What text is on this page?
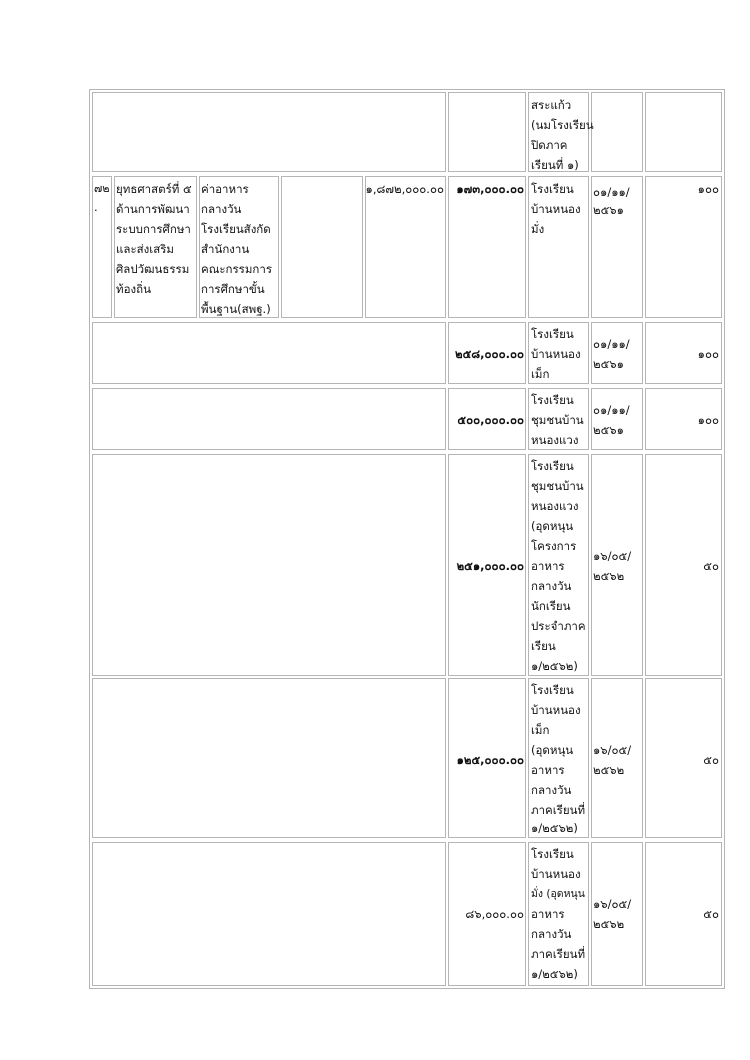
สระแก้ว
(นมโรงเรียน
ปิดภาค
เรียนที่ ๑)
๗๒
.
ยุทธศาสตร์ที่ ๕
ด้านการพัฒนา
ระบบการศึกษา
และส่งเสริม
ศิลปวัฒนธรรม
ท้องถิ่น
ค่าอาหาร
กลางวัน
โรงเรียนสังกัด
สำนักงาน
คณะกรรมการ
การศึกษาขั้น
พื้นฐาน(สพฐ.)
๑,๘๗๒,๐๐๐.๐๐	๑๗๓,๐๐๐.๐๐ โรงเรียน
บ้านหนอง
มั่ง
๐๑/๑๑/
๒๕๖๑
๑๐๐
๒๕๘,๐๐๐.๐๐
โรงเรียน
บ้านหนอง
เม็ก
๐๑/๑๑/
๒๕๖๑
๑๐๐
๕๐๐,๐๐๐.๐๐
โรงเรียน
ชุมชนบ้าน
หนองแวง
๐๑/๑๑/
๒๕๖๑
๑๐๐
๒๕๑,๐๐๐.๐๐
โรงเรียน
ชุมชนบ้าน
หนองแวง
(อุดหนุน
โครงการ
อาหาร
กลางวัน
นักเรียน
ประจำภาค
เรียน
๑/๒๕๖๒)
๑๖/๐๕/
๒๕๖๒
๕๐
๑๒๕,๐๐๐.๐๐
โรงเรียน
บ้านหนอง
เม็ก
(อุดหนุน
อาหาร
กลางวัน
ภาคเรียนที่
๑/๒๕๖๒)
๑๖/๐๕/
๒๕๖๒
๕๐
๘๖,๐๐๐.๐๐
โรงเรียน
บ้านหนอง
มั่ง (อุดหนุน
อาหาร
กลางวัน
ภาคเรียนที่
๑/๒๕๖๒)
๑๖/๐๕/
๒๕๖๒
๕๐
